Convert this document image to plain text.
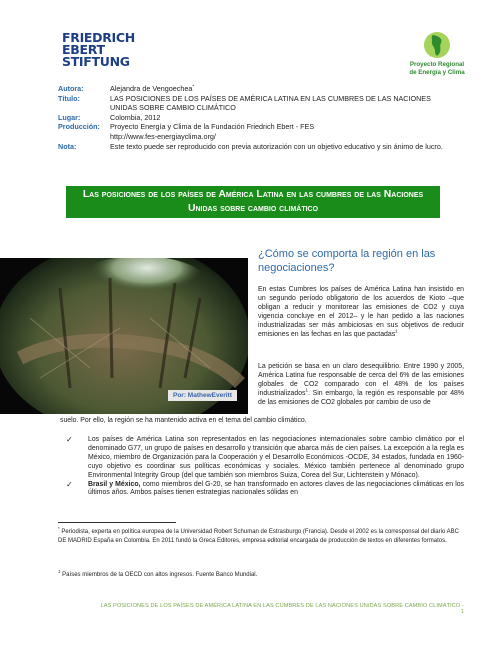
FRIEDRICH
EBERT
STIFTUNG	Proyecto Regional
de Energía y Clima
Autora:	Alejandra de Vengoechea*
Título:	LAS POSICIONES DE LOS PAÍSES DE AMÉRICA LATINA EN LAS CUMBRES DE LAS NACIONES UNIDAS SOBRE CAMBIO CLIMÁTICO
Lugar:	Colombia, 2012
Producción:	Proyecto Energía y Clima de la Fundación Friedrich Ebert - FES
http://www.fes-energiayclima.org/
Nota:	Este texto puede ser reproducido con previa autorización con un objetivo educativo y sin ánimo de lucro.
Las posiciones de los países de América Latina en las cumbres de las Naciones Unidas sobre cambio climático
Por: MathewEveritt
¿Cómo se comporta la región en las negociaciones?
En estas Cumbres los países de América Latina han insistido en un segundo período obligatorio de los acuerdos de Kioto –que obligan a reducir y monitorear las emisiones de CO2 y cuya vigencia concluye en el 2012– y le han pedido a las naciones industrializadas ser más ambiciosas en sus objetivos de reducir emisiones en las fechas en las que pactadas$^1$
La petición se basa en un claro desequilibrio. Entre 1990 y 2005, América Latina fue responsable de cerca del 6% de las emisiones globales de CO2 comparado con el 48% de los países industrializados$^1$. Sin embargo, la región es responsable por 48% de las emisiones de CO2 globales por cambio de uso de
suelo. Por ello, la región se ha mantenido activa en el tema del cambio climático.
✓	Los países de América Latina son representados en las negociaciones internacionales sobre cambio climático por el denominado G77, un grupo de países en desarrollo y transición que abarca más de cien países. La excepción a la regla es México, miembro de Organización para la Cooperación y el Desarrollo Económicos -OCDE, 34 estados, fundada en 1960- cuyo objetivo es coordinar sus políticas económicas y sociales. México también pertenece al denominado grupo Environmental Integrity Group (del que también son miembros Suiza, Corea del Sur, Lichtenstein y Mónaco).
✓	Brasil y México, como miembros del G-20, se han transformado en actores claves de las negociaciones climáticas en los últimos años. Ambos países tienen estrategias nacionales sólidas en
* Periodista, experta en política europea de la Universidad Robert Schuman de Estrasburgo (Francia). Desde el 2002 es la corresponsal del diario ABC DE MADRID España en Colombia. En 2011 fundó la Greca Editores, empresa editorial encargada de producción de textos en diferentes formatos.
$^1$ Países miembros de la OECD con altos ingresos. Fuente Banco Mundial.
LAS POSICIONES DE LOS PAÍSES DE AMÉRICA LATINA EN LAS CUMBRES DE LAS NACIONES UNIDAS SOBRE CAMBIO CLIMÁTICO - 1
